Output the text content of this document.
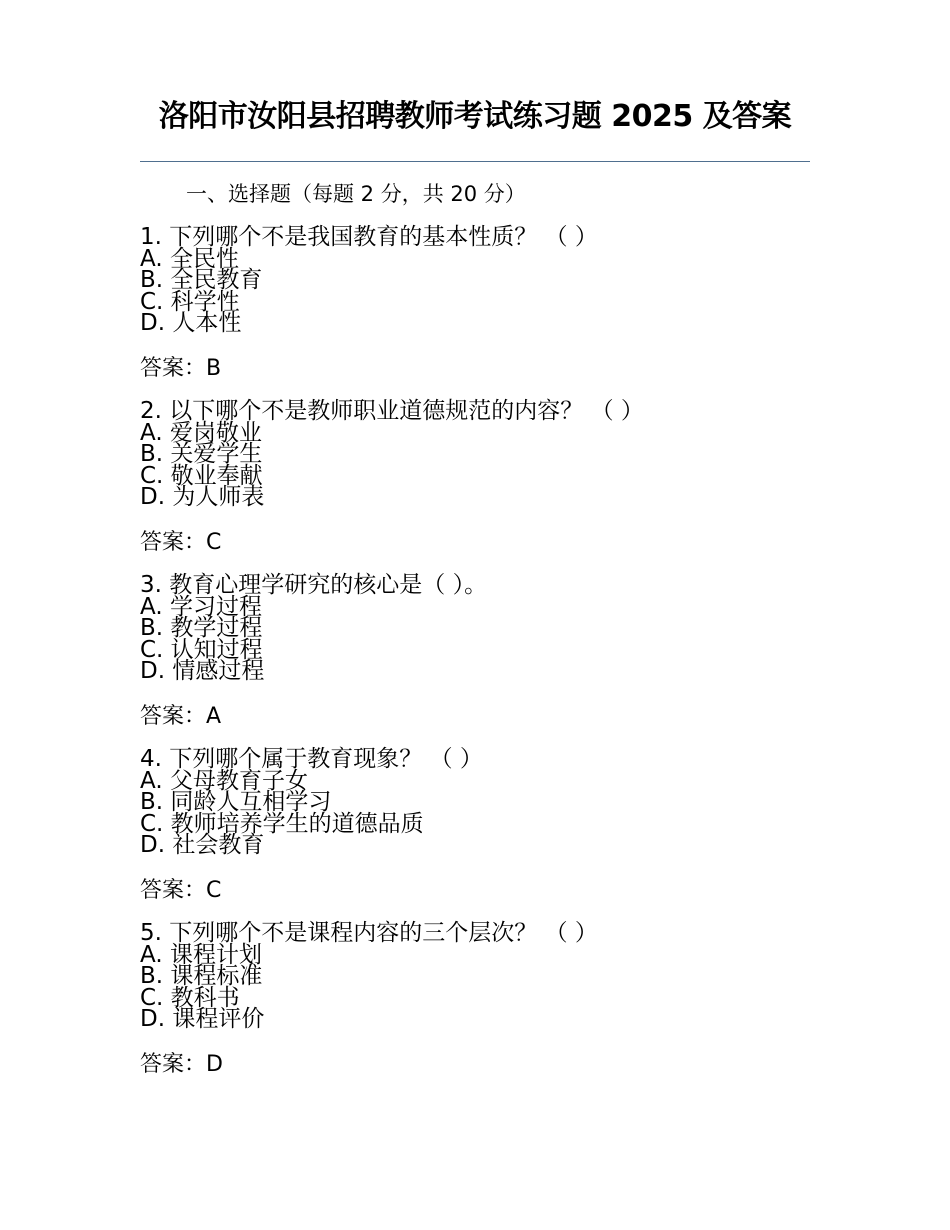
洛阳市汝阳县招聘教师考试练习题 2025 及答案
一、选择题（每题 2 分，共 20 分）
1. 下列哪个不是我国教育的基本性质？ （ ）
A. 全民性
B. 全民教育
C. 科学性
D. 人本性
答案：B
2. 以下哪个不是教师职业道德规范的内容？ （ ）
A. 爱岗敬业
B. 关爱学生
C. 敬业奉献
D. 为人师表
答案：C
3. 教育心理学研究的核心是（ ）。
A. 学习过程
B. 教学过程
C. 认知过程
D. 情感过程
答案：A
4. 下列哪个属于教育现象？ （ ）
A. 父母教育子女
B. 同龄人互相学习
C. 教师培养学生的道德品质
D. 社会教育
答案：C
5. 下列哪个不是课程内容的三个层次？ （ ）
A. 课程计划
B. 课程标准
C. 教科书
D. 课程评价
答案：D
